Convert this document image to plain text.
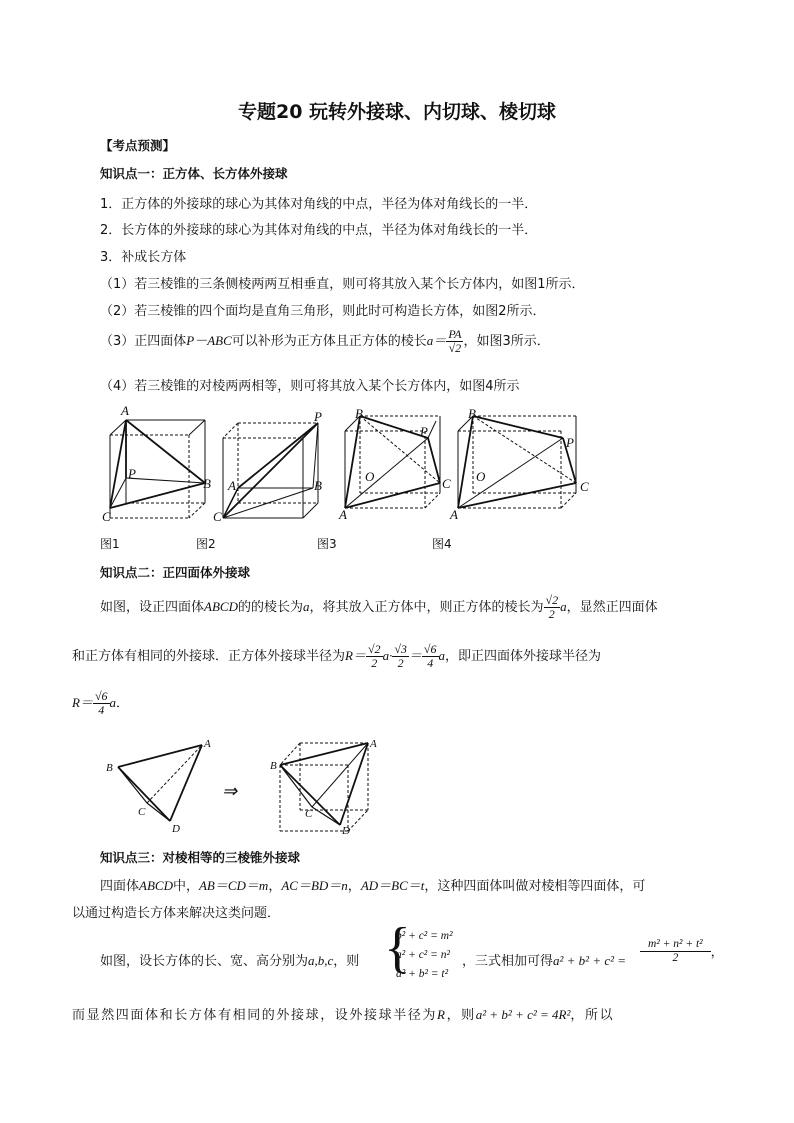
专题20 玩转外接球、内切球、棱切球
【考点预测】
知识点一：正方体、长方体外接球
1．正方体的外接球的球心为其体对角线的中点，半径为体对角线长的一半．
2．长方体的外接球的球心为其体对角线的中点，半径为体对角线长的一半．
3．补成长方体
（1）若三棱锥的三条侧棱两两互相垂直，则可将其放入某个长方体内，如图1所示．
（2）若三棱锥的四个面均是直角三角形，则此时可构造长方体，如图2所示．
（3）正四面体P－ABC可以补形为正方体且正方体的棱长$a= \frac{PA}{√2}$ ，如图3所示．
（4）若三棱锥的对棱两两相等，则可将其放入某个长方体内，如图4所示
A
P
B
C
P
A	B
C
B
P
O	C
A
B
P
O
C
A
图1	图2	图3	图4
知识点二：正四面体外接球
如图，设正四面体ABCD的的棱长为a，将其放入正方体中，则正方体的棱长为 $\frac{√2}{2}$ a，显然正四面体
和正方体有相同的外接球．正方体外接球半径为$R= \frac{√2}{2} a\cdot \frac{√3}{2} = \frac{√6}{4}$ a，即正四面体外接球半径为
$R= \frac{√6}{4}$ a．
⇒
A
B
C
D
A
B
C
D
知识点三：对棱相等的三棱锥外接球
四面体ABCD中，AB＝CD＝m，AC＝BD＝n，AD＝BC＝t，这种四面体叫做对棱相等四面体，可
以通过构造长方体来解决这类问题．
如图，设长方体的长、宽、高分别为a,b,c，则 {
b² + c² = m²
a² + c² = n²
a² + b² = t²
，三式相加可得$a^2 + b^2 + c^2 = \frac{\text{m² + n² + t²}}{2}$ ，
而显然四面体和长方体有相同的外接球，设外接球半径为R，则a² + b² + c² = 4R²，所以
